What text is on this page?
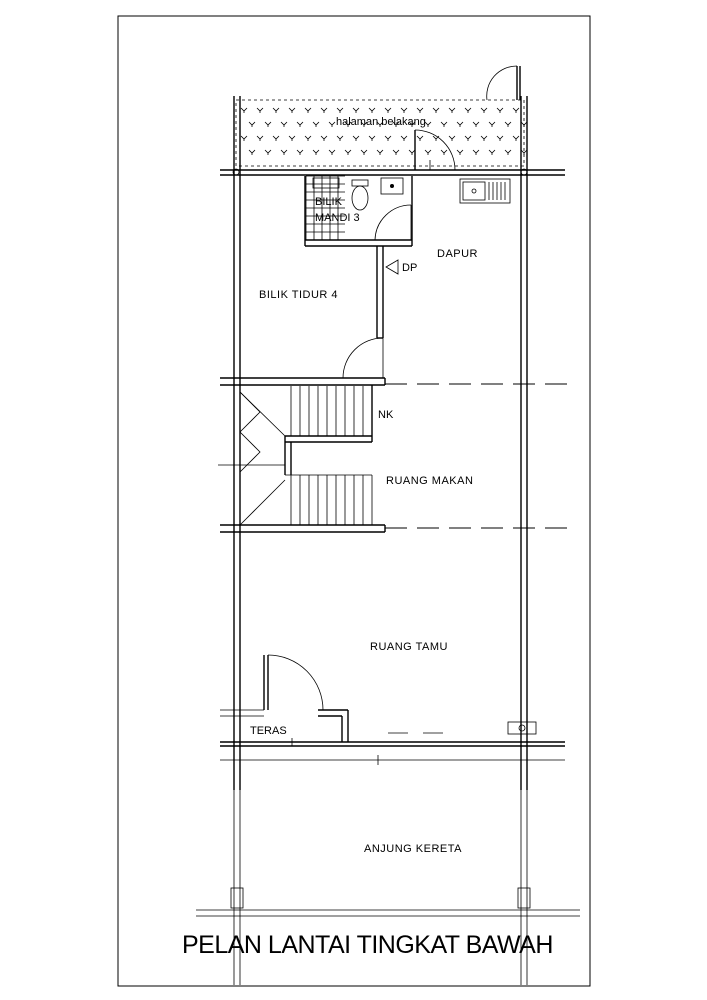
halaman belakang
BILIK
MANDI 3
DAPUR
DP
BILIK TIDUR 4
NK
RUANG MAKAN
RUANG TAMU
TERAS
ANJUNG KERETA
PELAN LANTAI TINGKAT BAWAH
